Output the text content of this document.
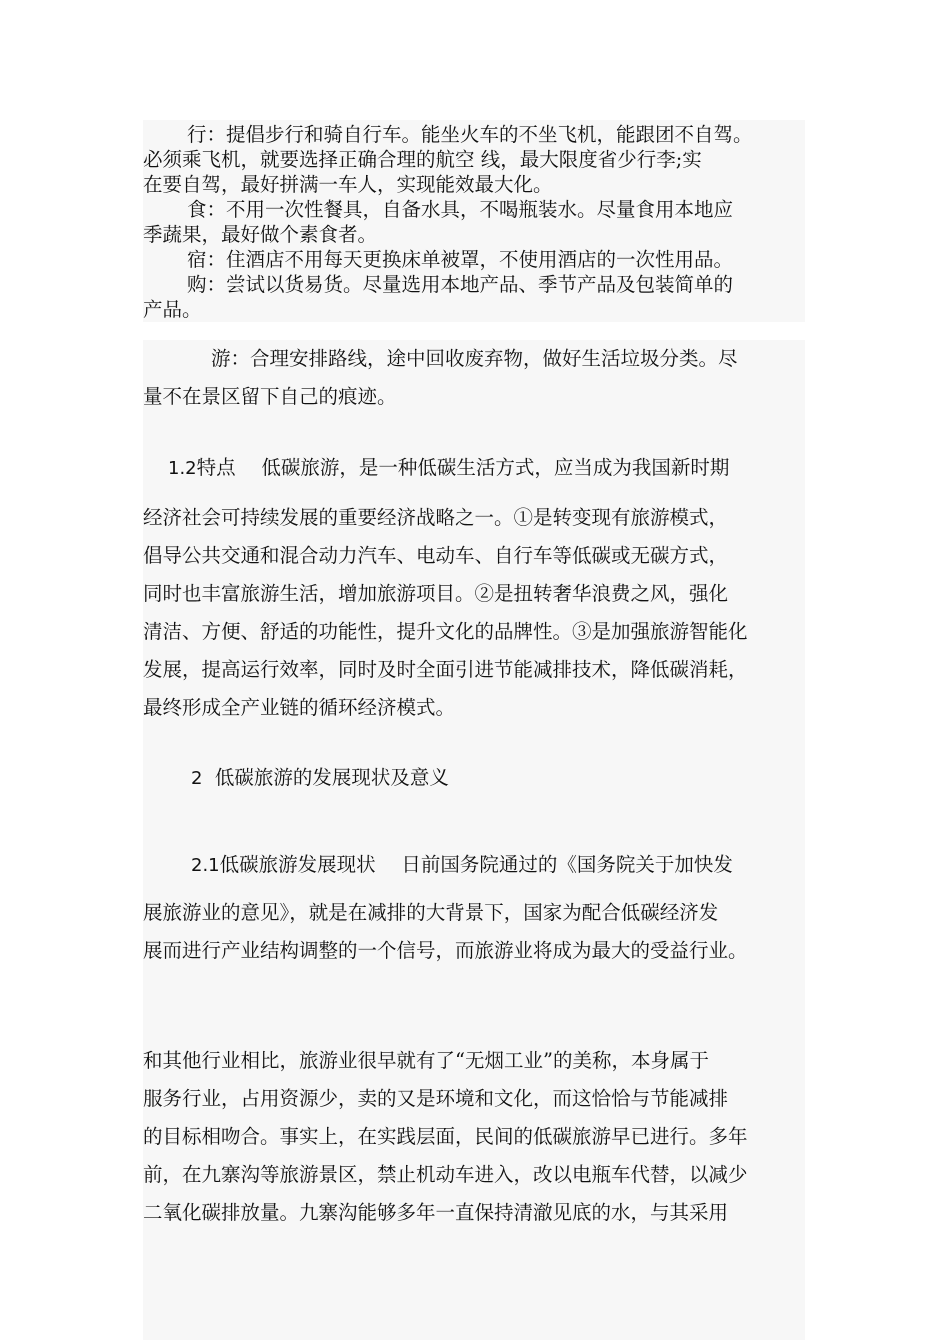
行：提倡步行和骑自行车。能坐火车的不坐飞机，能跟团不自驾。

必须乘飞机，就要选择正确合理的航空 线，最大限度省少行李;实

在要自驾，最好拼满一车人，实现能效最大化。

食：不用一次性餐具，自备水具，不喝瓶装水。尽量食用本地应

季蔬果，最好做个素食者。

宿：住酒店不用每天更换床单被罩，不使用酒店的一次性用品。

购：尝试以货易货。尽量选用本地产品、季节产品及包装简单的

产品。

游：合理安排路线，途中回收废弃物，做好生活垃圾分类。尽
量不在景区留下自己的痕迹。
1.2特点　 低碳旅游，是一种低碳生活方式，应当成为我国新时期
经济社会可持续发展的重要经济战略之一。①是转变现有旅游模式，
倡导公共交通和混合动力汽车、电动车、自行车等低碳或无碳方式，
同时也丰富旅游生活，增加旅游项目。②是扭转奢华浪费之风，强化
清洁、方便、舒适的功能性，提升文化的品牌性。③是加强旅游智能化
发展，提高运行效率，同时及时全面引进节能减排技术，降低碳消耗，
最终形成全产业链的循环经济模式。
2 低碳旅游的发展现状及意义
2.1低碳旅游发展现状　 日前国务院通过的《国务院关于加快发
展旅游业的意见》，就是在减排的大背景下，国家为配合低碳经济发
展而进行产业结构调整的一个信号，而旅游业将成为最大的受益行业。
和其他行业相比，旅游业很早就有了“无烟工业”的美称，本身属于
服务行业，占用资源少，卖的又是环境和文化，而这恰恰与节能减排
的目标相吻合。事实上，在实践层面，民间的低碳旅游早已进行。多年
前，在九寨沟等旅游景区，禁止机动车进入，改以电瓶车代替，以减少
二氧化碳排放量。九寨沟能够多年一直保持清澈见底的水，与其采用
